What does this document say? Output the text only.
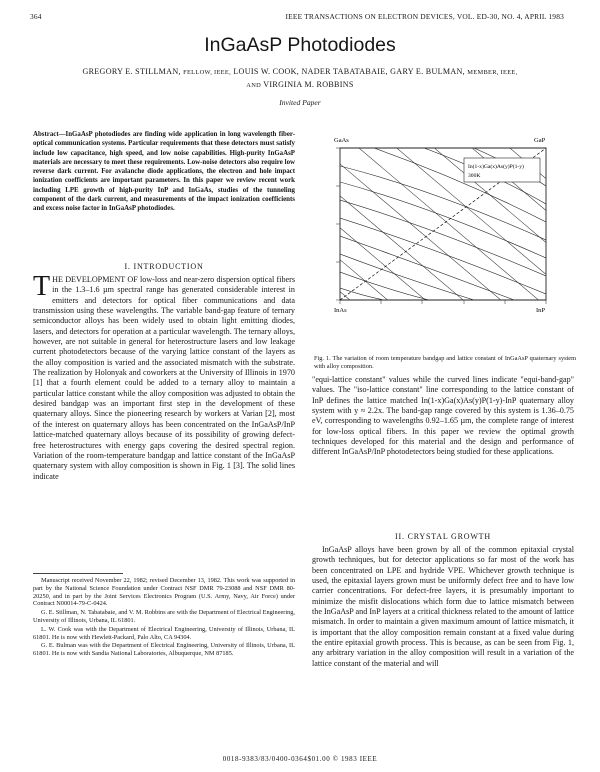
364	IEEE TRANSACTIONS ON ELECTRON DEVICES, VOL. ED-30, NO. 4, APRIL 1983
InGaAsP Photodiodes
GREGORY E. STILLMAN, FELLOW, IEEE, LOUIS W. COOK, NADER TABATABAIE, GARY E. BULMAN, MEMBER, IEEE,
AND VIRGINIA M. ROBBINS
Invited Paper
Abstract—InGaAsP photodiodes are finding wide application in long wavelength fiber-optical communication systems. Particular requirements that these detectors must satisfy include low capacitance, high speed, and low noise capabilities. High-purity InGaAsP materials are necessary to meet these requirements. Low-noise detectors also require low reverse dark current. For avalanche diode applications, the electron and hole impact ionization coefficients are important parameters. In this paper we review recent work including LPE growth of high-purity InP and InGaAs, studies of the tunneling component of the dark current, and measurements of the impact ionization coefficients and excess noise factor in InGaAsP photodiodes.
I. INTRODUCTION
THE DEVELOPMENT OF low-loss and near-zero dispersion optical fibers in the 1.3–1.6 µm spectral range has generated considerable interest in emitters and detectors for optical fiber communications and data transmission using these wavelengths. The variable band-gap feature of ternary semiconductor alloys has been widely used to obtain light emitting diodes, lasers, and detectors for operation at a particular wavelength. The ternary alloys, however, are not suitable in general for heterostructure lasers and low leakage current photodetectors because of the varying lattice constant of the layers as the alloy composition is varied and the associated mismatch with the substrate. The realization by Holonyak and coworkers at the University of Illinois in 1970 [1] that a fourth element could be added to a ternary alloy to maintain a particular lattice constant while the alloy composition was adjusted to obtain the desired bandgap was an important first step in the development of these quaternary alloys. Since the pioneering research by workers at Varian [2], most of the interest on quaternary alloys has been concentrated on the InGaAsP/InP lattice-matched quaternary alloys because of its possibility of growing defect-free heterostructures with energy gaps covering the desired spectral region. Variation of the room-temperature bandgap and lattice constant of the InGaAsP quaternary system with alloy composition is shown in Fig. 1 [3]. The solid lines indicate

Manuscript received November 22, 1982; revised December 13, 1982. This work was supported in part by the National Science Foundation under Contract NSF DMR 79-23088 and NSF DMR 80-20250, and in part by the Joint Services Electronics Program (U.S. Army, Navy, Air Force) under Contract N00014-79-C-0424.

G. E. Stillman, N. Tabatabaie, and V. M. Robbins are with the Department of Electrical Engineering, University of Illinois, Urbana, IL 61801.

L. W. Cook was with the Department of Electrical Engineering, University of Illinois, Urbana, IL 61801. He is now with Hewlett-Packard, Palo Alto, CA 94304.

G. E. Bulman was with the Department of Electrical Engineering, University of Illinois, Urbana, IL 61801. He is now with Sandia National Laboratories, Albuquerque, NM 87185.

In(1-x)Ga(x)As(y)P(1-y)
300K
GaAs	GaP
InAs	InP
Fig. 1. The variation of room temperature bandgap and lattice constant of InGaAsP quaternary system with alloy composition.
"equi-lattice constant" values while the curved lines indicate "equi-band-gap" values. The "iso-lattice constant" line corresponding to the lattice constant of InP defines the lattice matched In(1-x)Ga(x)As(y)P(1-y)-InP quaternary alloy system with y ≈ 2.2x. The band-gap range covered by this system is 1.36–0.75 eV, corresponding to wavelengths 0.92–1.65 µm, the complete range of interest for low-loss optical fibers. In this paper we review the optimal growth techniques developed for this material and the design and performance of different InGaAsP/InP photodetectors being studied for these applications.
II. CRYSTAL GROWTH

InGaAsP alloys have been grown by all of the common epitaxial crystal growth techniques, but for detector applications so far most of the work has been concentrated on LPE and hydride VPE. Whichever growth technique is used, the epitaxial layers grown must be uniformly defect free and to have low carrier concentrations. For defect-free layers, it is presumably important to minimize the misfit dislocations which form due to lattice mismatch between the InGaAsP and InP layers at a critical thickness related to the amount of lattice mismatch. In order to maintain a given maximum amount of lattice mismatch, it is important that the alloy composition remain constant at a fixed value during the entire epitaxial growth process. This is because, as can be seen from Fig. 1, any arbitrary variation in the alloy composition will result in a variation of the lattice constant of the material and will

0018-9383/83/0400-0364$01.00 © 1983 IEEE
